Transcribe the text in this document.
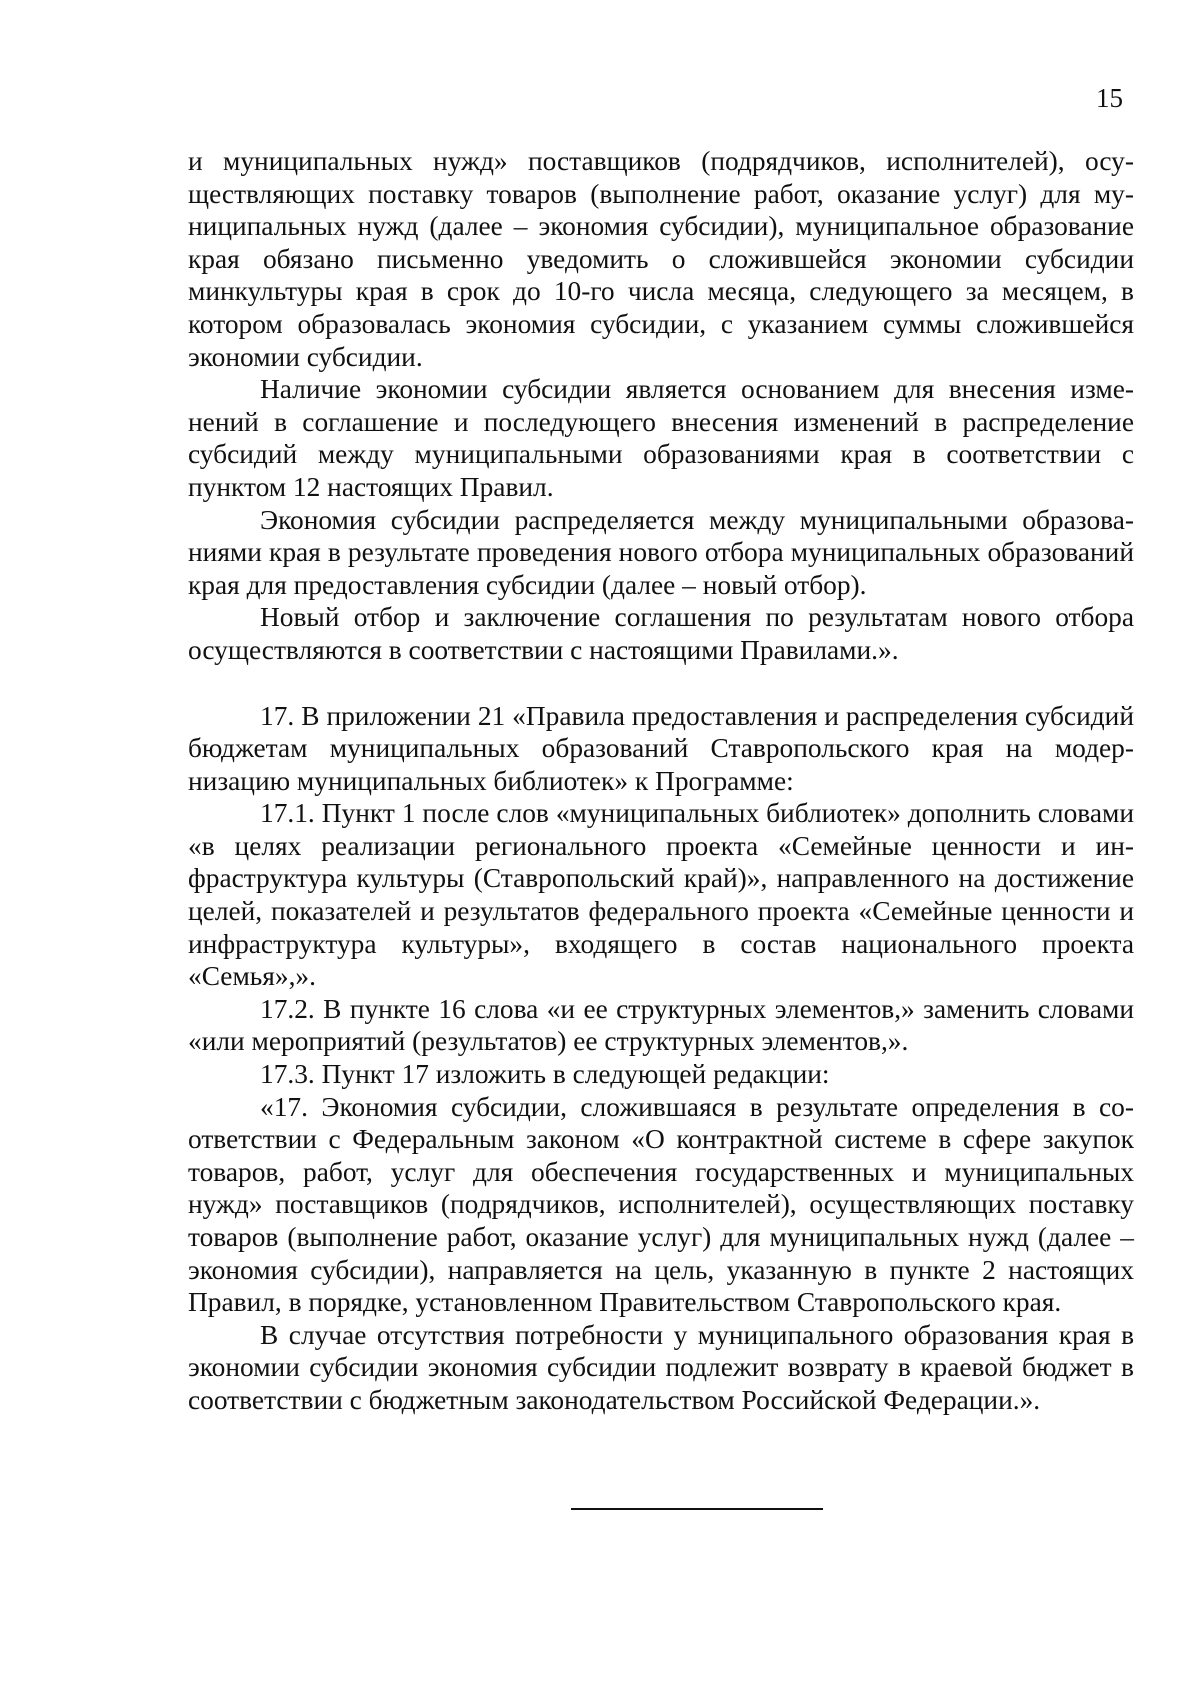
15

и муниципальных нужд» поставщиков (подрядчиков, исполнителей), осуществляющих поставку товаров (выполнение работ, оказание услуг) для муниципальных нужд (далее – экономия субсидии), муниципальное образование края обязано письменно уведомить о сложившейся экономии субсидии минкультуры края в срок до 10-го числа месяца, следующего за месяцем, в котором образовалась экономия субсидии, с указанием суммы сложившейся экономии субсидии.

Наличие экономии субсидии является основанием для внесения изменений в соглашение и последующего внесения изменений в распределение субсидий между муниципальными образованиями края в соответствии с пунктом 12 настоящих Правил.

Экономия субсидии распределяется между муниципальными образованиями края в результате проведения нового отбора муниципальных образований края для предоставления субсидии (далее – новый отбор).

Новый отбор и заключение соглашения по результатам нового отбора осуществляются в соответствии с настоящими Правилами.».

17. В приложении 21 «Правила предоставления и распределения субсидий бюджетам муниципальных образований Ставропольского края на модернизацию муниципальных библиотек» к Программе:

17.1. Пункт 1 после слов «муниципальных библиотек» дополнить словами «в целях реализации регионального проекта «Семейные ценности и инфраструктура культуры (Ставропольский край)», направленного на достижение целей, показателей и результатов федерального проекта «Семейные ценности и инфраструктура культуры», входящего в состав национального проекта «Семья»,».

17.2. В пункте 16 слова «и ее структурных элементов,» заменить словами «или мероприятий (результатов) ее структурных элементов,».

17.3. Пункт 17 изложить в следующей редакции:

«17. Экономия субсидии, сложившаяся в результате определения в соответствии с Федеральным законом «О контрактной системе в сфере закупок товаров, работ, услуг для обеспечения государственных и муниципальных нужд» поставщиков (подрядчиков, исполнителей), осуществляющих поставку товаров (выполнение работ, оказание услуг) для муниципальных нужд (далее – экономия субсидии), направляется на цель, указанную в пункте 2 настоящих Правил, в порядке, установленном Правительством Ставропольского края.

В случае отсутствия потребности у муниципального образования края в экономии субсидии экономия субсидии подлежит возврату в краевой бюджет в соответствии с бюджетным законодательством Российской Федерации.».
